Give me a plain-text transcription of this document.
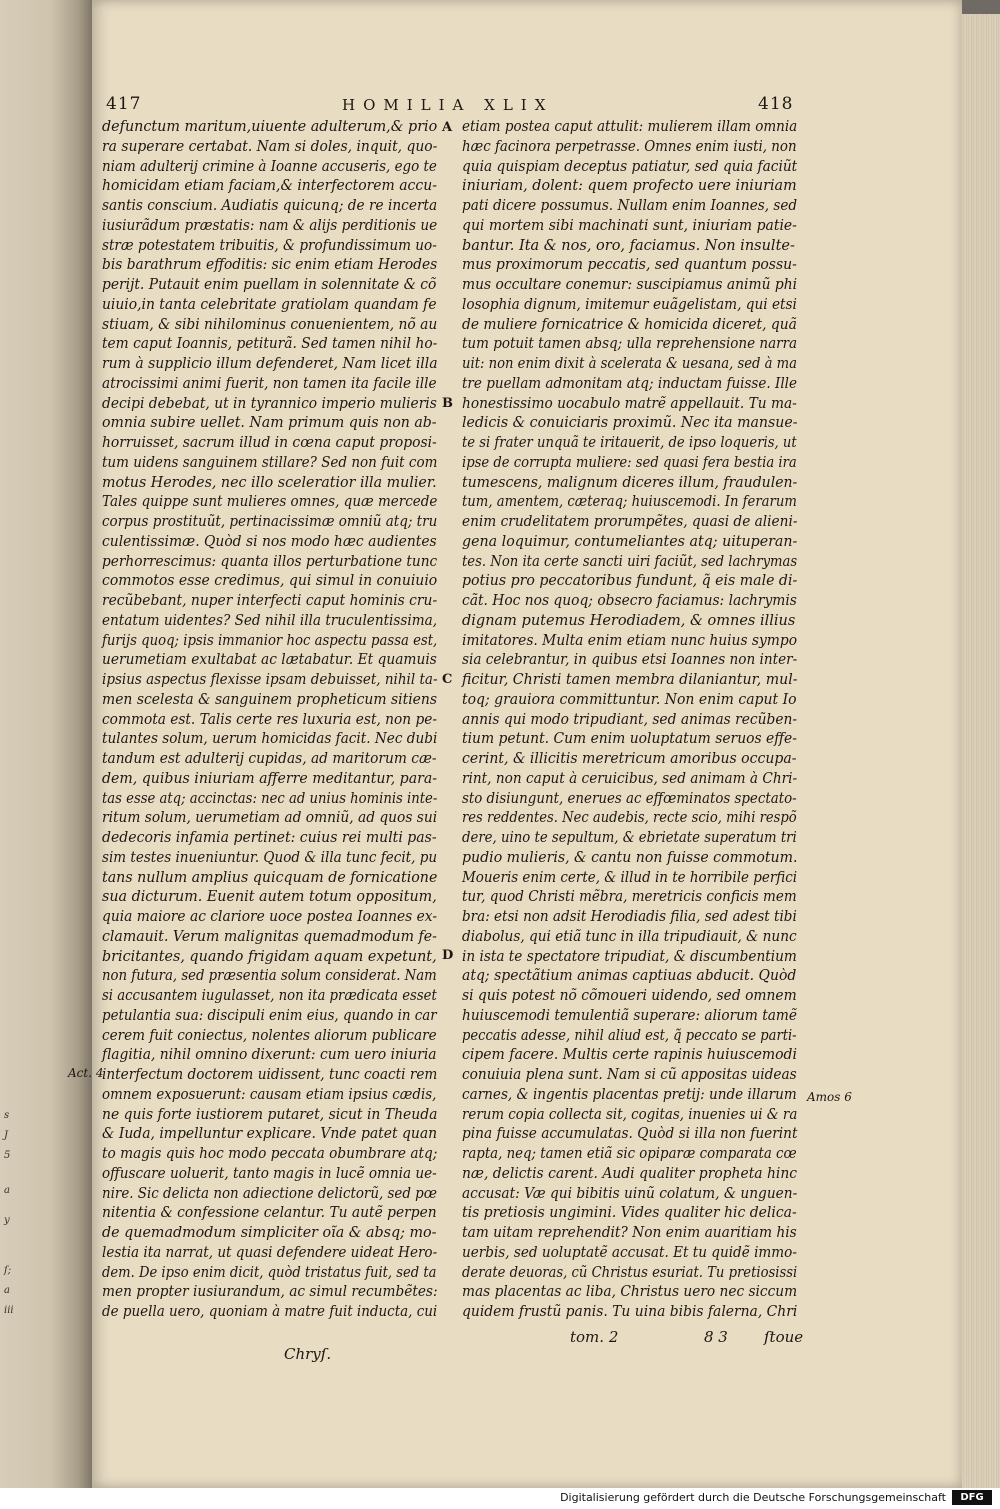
s
J
5
a
y
ſ;
a
iii
417	HOMILIA XLIX	418
defunctum maritum,uiuente adulterum,& prio
ra superare certabat. Nam si doles, inquit, quo-
niam adulterij crimine à Ioanne accuseris, ego te
homicidam etiam faciam,& interfectorem accu-
santis conscium. Audiatis quicunq; de re incerta
iusiurãdum præstatis: nam & alijs perditionis ue
stræ potestatem tribuitis, & profundissimum uo-
bis barathrum effoditis: sic enim etiam Herodes
perijt. Putauit enim puellam in solennitate & cõ
uiuio,in tanta celebritate gratiolam quandam fe
stiuam, & sibi nihilominus conuenientem, nõ au
tem caput Ioannis, petiturã. Sed tamen nihil ho-
rum à supplicio illum defenderet, Nam licet illa
atrocissimi animi fuerit, non tamen ita facile ille
decipi debebat, ut in tyrannico imperio mulieris
omnia subire uellet. Nam primum quis non ab-
horruisset, sacrum illud in cœna caput proposi-
tum uidens sanguinem stillare? Sed non fuit com
motus Herodes, nec illo sceleratior illa mulier.
Tales quippe sunt mulieres omnes, quæ mercede
corpus prostituũt, pertinacissimæ omniũ atq; tru
culentissimæ. Quòd si nos modo hæc audientes
perhorrescimus: quanta illos perturbatione tunc
commotos esse credimus, qui simul in conuiuio
recũbebant, nuper interfecti caput hominis cru-
entatum uidentes? Sed nihil illa truculentissima,
furijs quoq; ipsis immanior hoc aspectu passa est,
uerumetiam exultabat ac lætabatur. Et quamuis
ipsius aspectus flexisse ipsam debuisset, nihil ta-
men scelesta & sanguinem propheticum sitiens
commota est. Talis certe res luxuria est, non pe-
tulantes solum, uerum homicidas facit. Nec dubi
tandum est adulterij cupidas, ad maritorum cæ-
dem, quibus iniuriam afferre meditantur, para-
tas esse atq; accinctas: nec ad unius hominis inte-
ritum solum, uerumetiam ad omniũ, ad quos sui
dedecoris infamia pertinet: cuius rei multi pas-
sim testes inueniuntur. Quod & illa tunc fecit, pu
tans nullum amplius quicquam de fornicatione
sua dicturum. Euenit autem totum oppositum,
quia maiore ac clariore uoce postea Ioannes ex-
clamauit. Verum malignitas quemadmodum fe-
bricitantes, quando frigidam aquam expetunt,
non futura, sed præsentia solum considerat. Nam
si accusantem iugulasset, non ita prædicata esset
petulantia sua: discipuli enim eius, quando in car
cerem fuit coniectus, nolentes aliorum publicare
flagitia, nihil omnino dixerunt: cum uero iniuria
interfectum doctorem uidissent, tunc coacti rem
omnem exposuerunt: causam etiam ipsius cædis,
ne quis forte iustiorem putaret, sicut in Theuda
& Iuda, impelluntur explicare. Vnde patet quan
to magis quis hoc modo peccata obumbrare atq;
offuscare uoluerit, tanto magis in lucẽ omnia ue-
nire. Sic delicta non adiectione delictorũ, sed pœ
nitentia & confessione celantur. Tu autẽ perpen
de quemadmodum simpliciter oĩa & absq; mo-
lestia ita narrat, ut quasi defendere uideat Hero-
dem. De ipso enim dicit, quòd tristatus fuit, sed ta
men propter iusiurandum, ac simul recumbẽtes:
de puella uero, quoniam à matre fuit inducta, cui
etiam postea caput attulit: mulierem illam omnia
hæc facinora perpetrasse. Omnes enim iusti, non
quia quispiam deceptus patiatur, sed quia faciũt
iniuriam, dolent: quem profecto uere iniuriam
pati dicere possumus. Nullam enim Ioannes, sed
qui mortem sibi machinati sunt, iniuriam patie-
bantur. Ita & nos, oro, faciamus. Non insulte-
mus proximorum peccatis, sed quantum possu-
mus occultare conemur: suscipiamus animũ phi
losophia dignum, imitemur euãgelistam, qui etsi
de muliere fornicatrice & homicida diceret, quã
tum potuit tamen absq; ulla reprehensione narra
uit: non enim dixit à scelerata & uesana, sed à ma
tre puellam admonitam atq; inductam fuisse. Ille
honestissimo uocabulo matrẽ appellauit. Tu ma-
ledicis & conuiciaris proximũ. Nec ita mansue-
te si frater unquã te iritauerit, de ipso loqueris, ut
ipse de corrupta muliere: sed quasi fera bestia ira
tumescens, malignum diceres illum, fraudulen-
tum, amentem, cæteraq; huiuscemodi. In ferarum
enim crudelitatem prorumpẽtes, quasi de alieni-
gena loquimur, contumeliantes atq; uituperan-
tes. Non ita certe sancti uiri faciũt, sed lachrymas
potius pro peccatoribus fundunt, q̃ eis male di-
cãt. Hoc nos quoq; obsecro faciamus: lachrymis
dignam putemus Herodiadem, & omnes illius
imitatores. Multa enim etiam nunc huius sympo
sia celebrantur, in quibus etsi Ioannes non inter-
ficitur, Christi tamen membra dilaniantur, mul-
toq; grauiora committuntur. Non enim caput Io
annis qui modo tripudiant, sed animas recũben-
tium petunt. Cum enim uoluptatum seruos effe-
cerint, & illicitis meretricum amoribus occupa-
rint, non caput à ceruicibus, sed animam à Chri-
sto disiungunt, enerues ac effœminatos spectato-
res reddentes. Nec audebis, recte scio, mihi respõ
dere, uino te sepultum, & ebrietate superatum tri
pudio mulieris, & cantu non fuisse commotum.
Moueris enim certe, & illud in te horribile perfici
tur, quod Christi mẽbra, meretricis conficis mem
bra: etsi non adsit Herodiadis filia, sed adest tibi
diabolus, qui etiã tunc in illa tripudiauit, & nunc
in ista te spectatore tripudiat, & discumbentium
atq; spectãtium animas captiuas abducit. Quòd
si quis potest nõ cõmoueri uidendo, sed omnem
huiuscemodi temulentiã superare: aliorum tamẽ
peccatis adesse, nihil aliud est, q̃ peccato se parti-
cipem facere. Multis certe rapinis huiuscemodi
conuiuia plena sunt. Nam si cũ appositas uideas
carnes, & ingentis placentas pretij: unde illarum
rerum copia collecta sit, cogitas, inuenies ui & ra
pina fuisse accumulatas. Quòd si illa non fuerint
rapta, neq; tamen etiã sic opiparæ comparata cœ
næ, delictis carent. Audi qualiter propheta hinc
accusat: Væ qui bibitis uinũ colatum, & unguen-
tis pretiosis ungimini. Vides qualiter hic delica-
tam uitam reprehendit? Non enim auaritiam his
uerbis, sed uoluptatẽ accusat. Et tu quidẽ immo-
derate deuoras, cũ Christus esuriat. Tu pretiosissi
mas placentas ac liba, Christus uero nec siccum
quidem frustũ panis. Tu uina bibis falerna, Chri
A
B
C
D
Act. 4
Amos 6
Chryſ.
tom. 2	8 3 ſtoue
Digitalisierung gefördert durch die Deutsche Forschungsgemeinschaft	DFG
